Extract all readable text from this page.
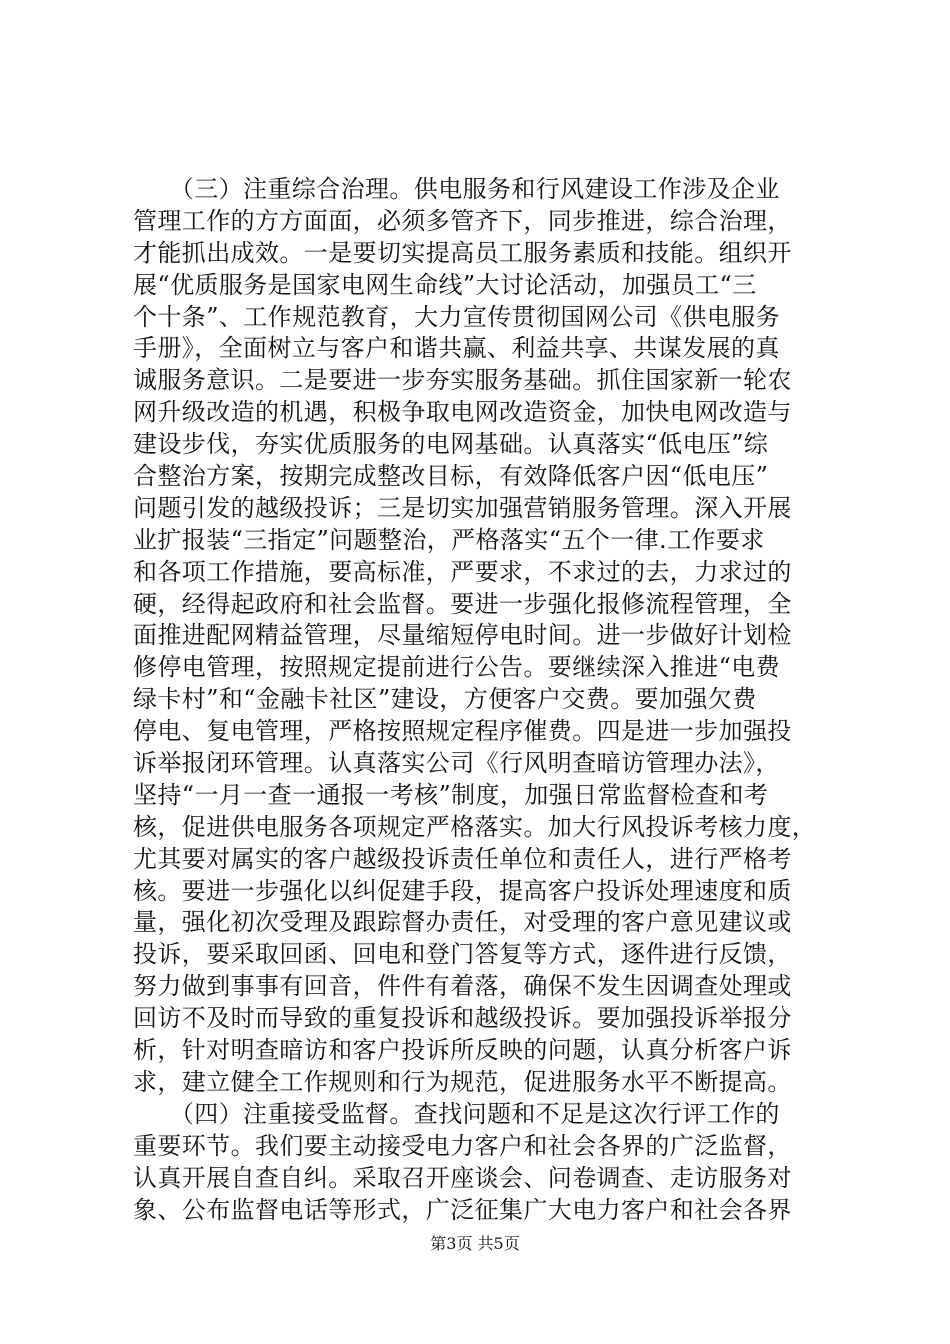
　　（三）注重综合治理。供电服务和行风建设工作涉及企业
管理工作的方方面面，必须多管齐下，同步推进，综合治理，
才能抓出成效。一是要切实提高员工服务素质和技能。组织开
展“优质服务是国家电网生命线”大讨论活动，加强员工“三
个十条”、工作规范教育，大力宣传贯彻国网公司《供电服务
手册》，全面树立与客户和谐共赢、利益共享、共谋发展的真
诚服务意识。二是要进一步夯实服务基础。抓住国家新一轮农
网升级改造的机遇，积极争取电网改造资金，加快电网改造与
建设步伐，夯实优质服务的电网基础。认真落实“低电压”综
合整治方案，按期完成整改目标，有效降低客户因“低电压”
问题引发的越级投诉；三是切实加强营销服务管理。深入开展
业扩报装“三指定”问题整治，严格落实“五个一律.工作要求
和各项工作措施，要高标准，严要求，不求过的去，力求过的
硬，经得起政府和社会监督。要进一步强化报修流程管理，全
面推进配网精益管理，尽量缩短停电时间。进一步做好计划检
修停电管理，按照规定提前进行公告。要继续深入推进“电费
绿卡村”和“金融卡社区”建设，方便客户交费。要加强欠费
停电、复电管理，严格按照规定程序催费。四是进一步加强投
诉举报闭环管理。认真落实公司《行风明查暗访管理办法》，
坚持“一月一查一通报一考核”制度，加强日常监督检查和考
核，促进供电服务各项规定严格落实。加大行风投诉考核力度，
尤其要对属实的客户越级投诉责任单位和责任人，进行严格考
核。要进一步强化以纠促建手段，提高客户投诉处理速度和质
量，强化初次受理及跟踪督办责任，对受理的客户意见建议或
投诉，要采取回函、回电和登门答复等方式，逐件进行反馈，
努力做到事事有回音，件件有着落，确保不发生因调查处理或
回访不及时而导致的重复投诉和越级投诉。要加强投诉举报分
析，针对明查暗访和客户投诉所反映的问题，认真分析客户诉
求，建立健全工作规则和行为规范，促进服务水平不断提高。
　　（四）注重接受监督。查找问题和不足是这次行评工作的
重要环节。我们要主动接受电力客户和社会各界的广泛监督，
认真开展自查自纠。采取召开座谈会、问卷调查、走访服务对
象、公布监督电话等形式，广泛征集广大电力客户和社会各界
第3页 共5页
